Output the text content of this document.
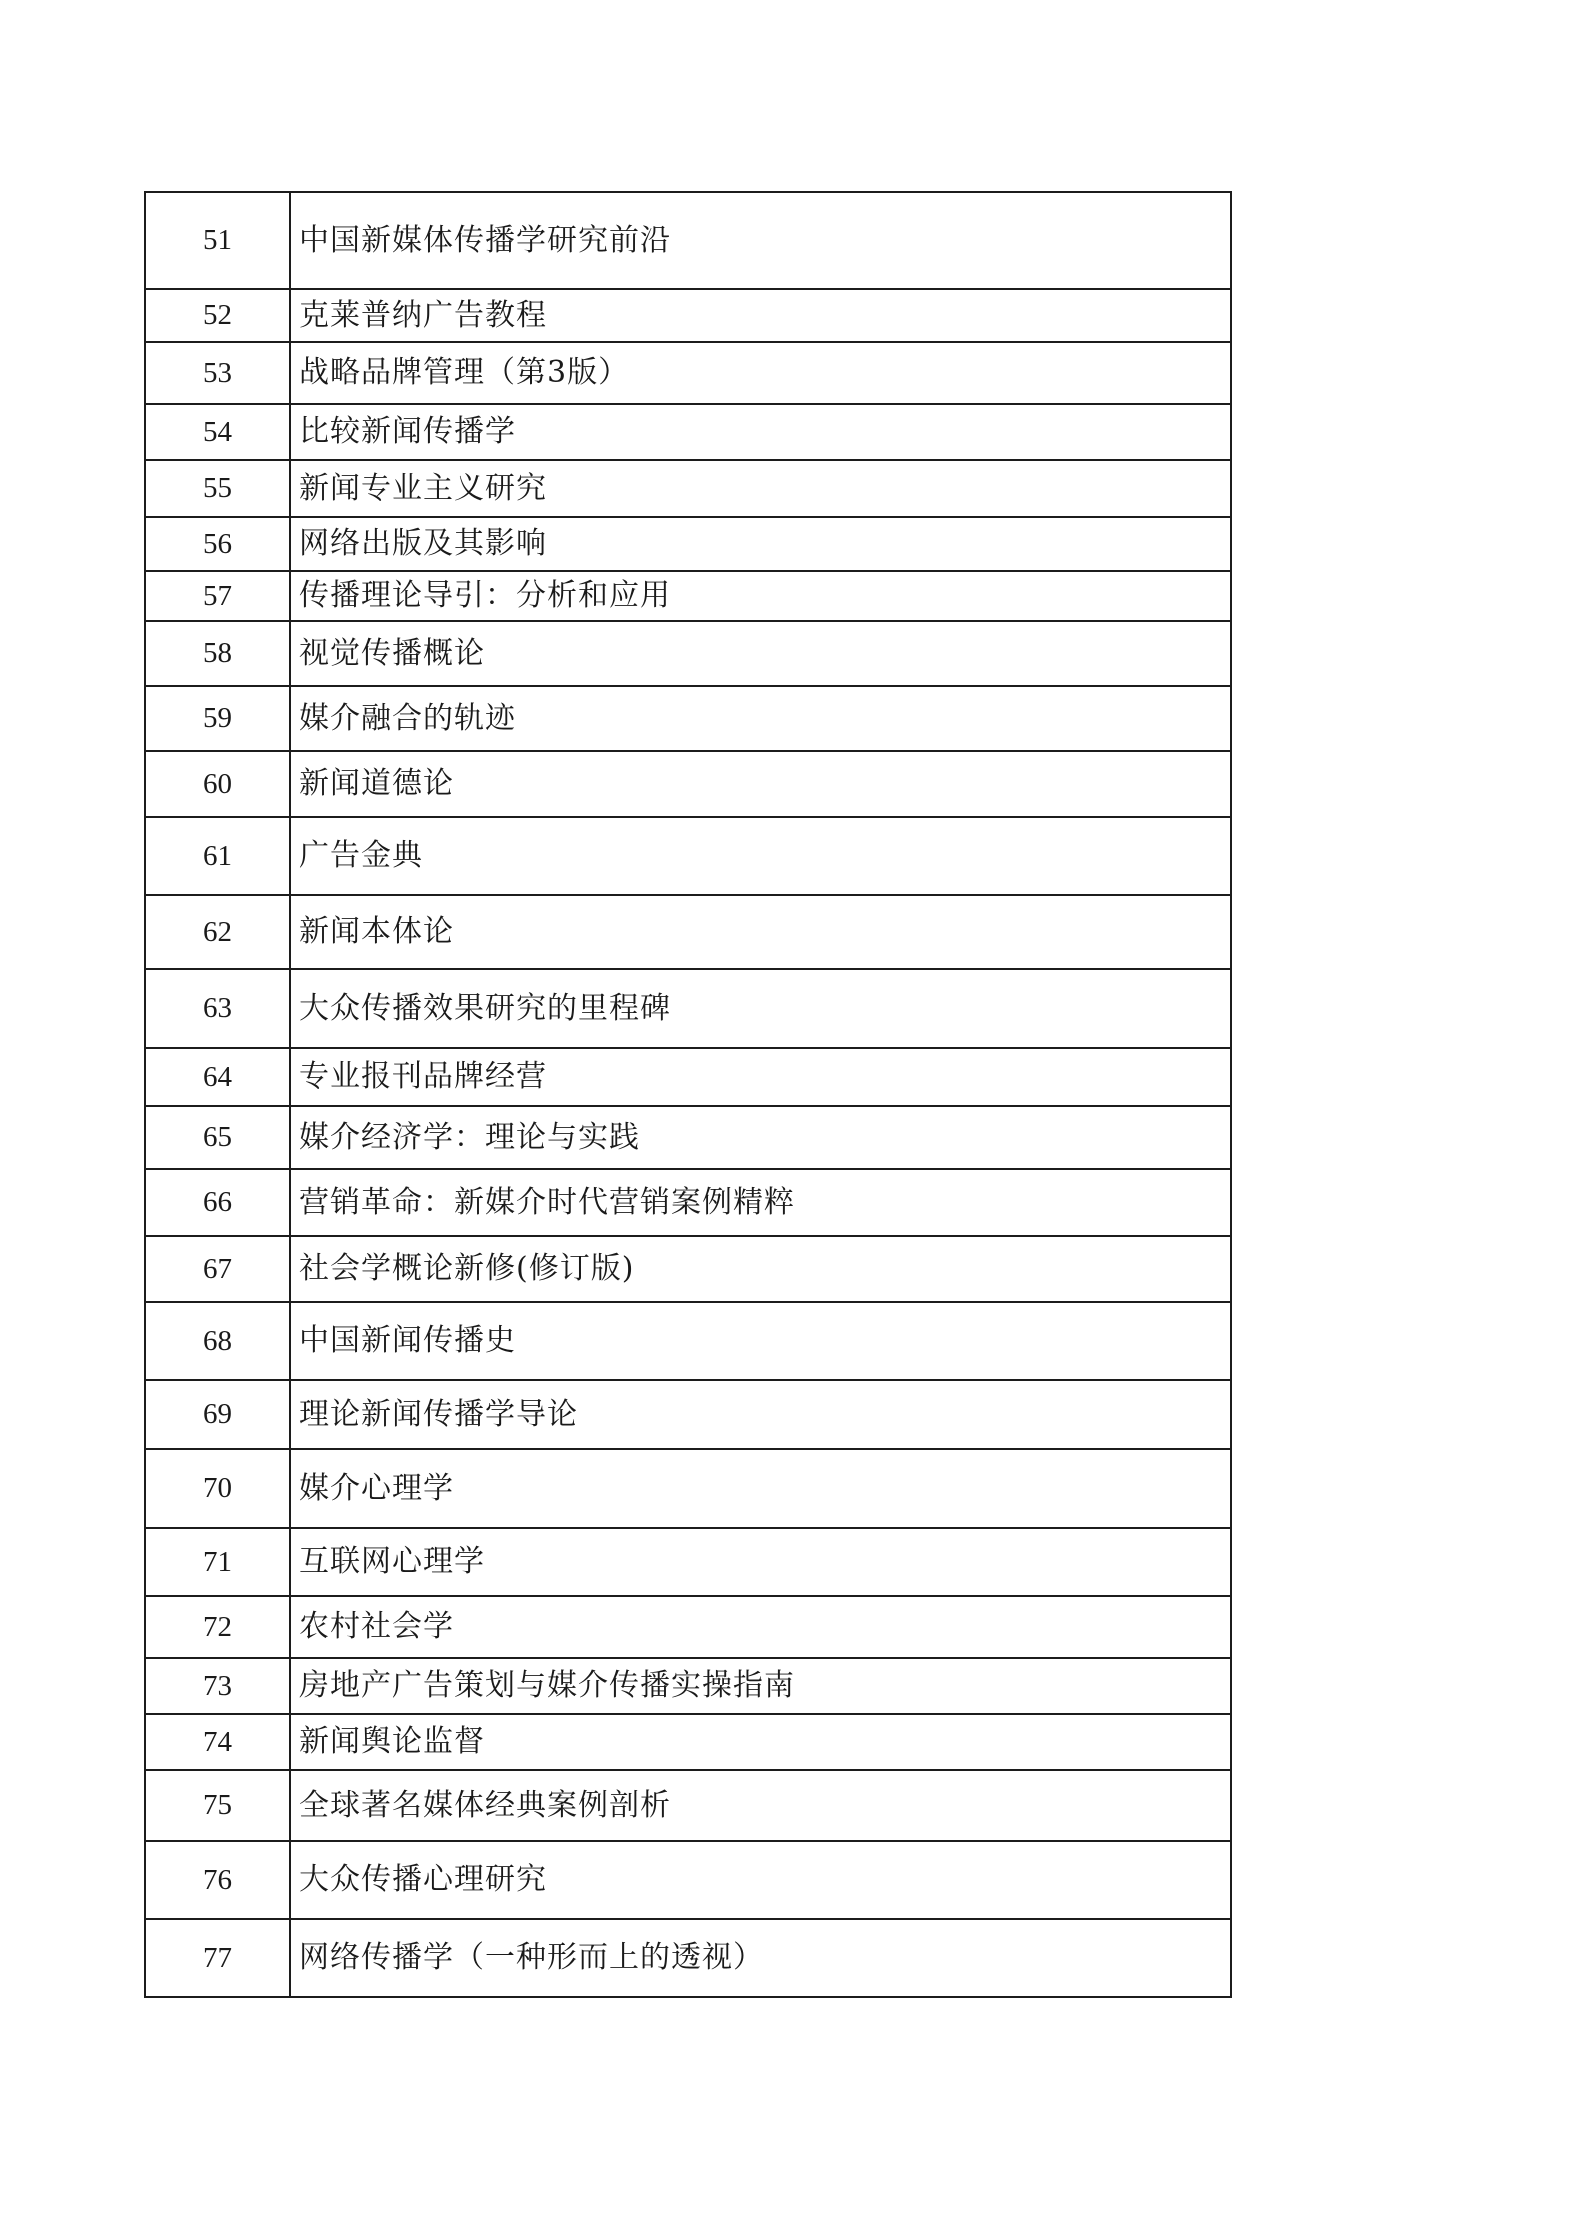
51	中国新媒体传播学研究前沿
52	克莱普纳广告教程
53	战略品牌管理（第3版）
54	比较新闻传播学
55	新闻专业主义研究
56	网络出版及其影响
57	传播理论导引：分析和应用
58	视觉传播概论
59	媒介融合的轨迹
60	新闻道德论
61	广告金典
62	新闻本体论
63	大众传播效果研究的里程碑
64	专业报刊品牌经营
65	媒介经济学：理论与实践
66	营销革命：新媒介时代营销案例精粹
67	社会学概论新修(修订版)
68	中国新闻传播史
69	理论新闻传播学导论
70	媒介心理学
71	互联网心理学
72	农村社会学
73	房地产广告策划与媒介传播实操指南
74	新闻舆论监督
75	全球著名媒体经典案例剖析
76	大众传播心理研究
77	网络传播学（一种形而上的透视）
